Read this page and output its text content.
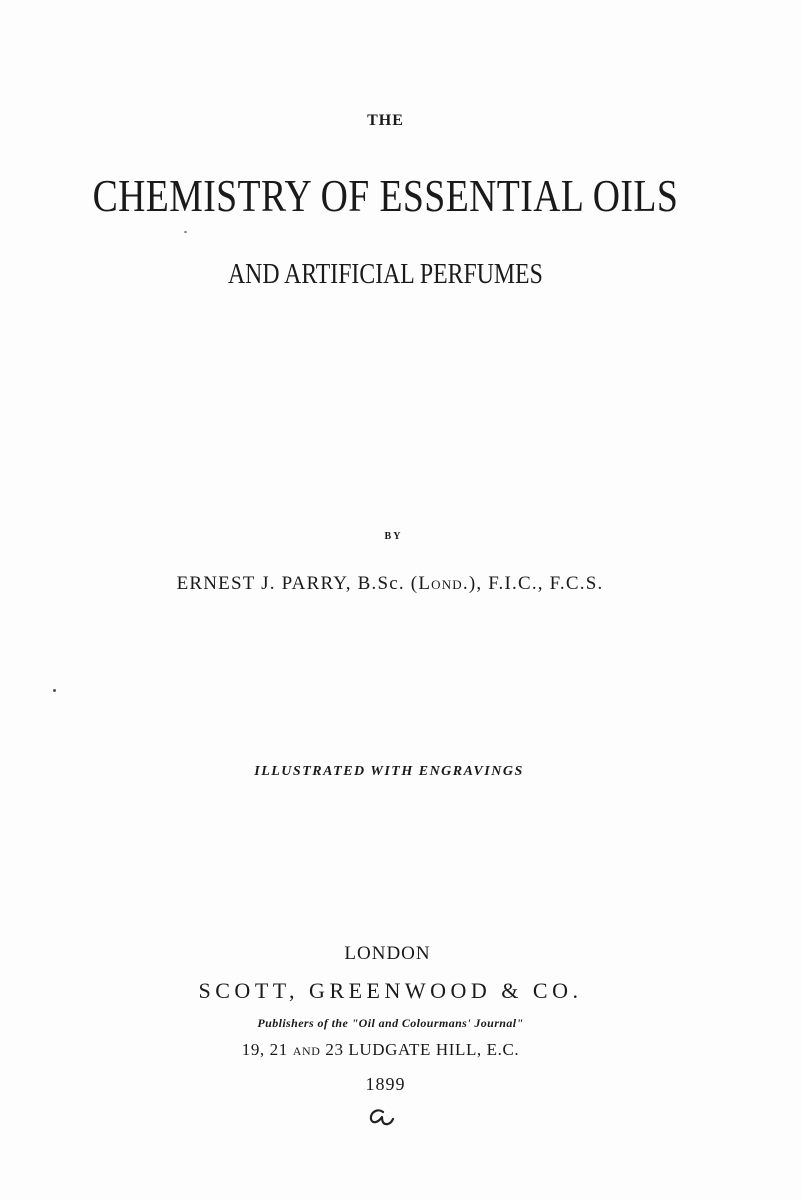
THE
CHEMISTRY OF ESSENTIAL OILS
AND ARTIFICIAL PERFUMES
BY
ERNEST J. PARRY, B.Sc. (Lond.), F.I.C., F.C.S.
ILLUSTRATED WITH ENGRAVINGS
LONDON
SCOTT, GREENWOOD & CO.
Publishers of the "Oil and Colourmans' Journal"
19, 21 and 23 LUDGATE HILL, E.C.
1899
